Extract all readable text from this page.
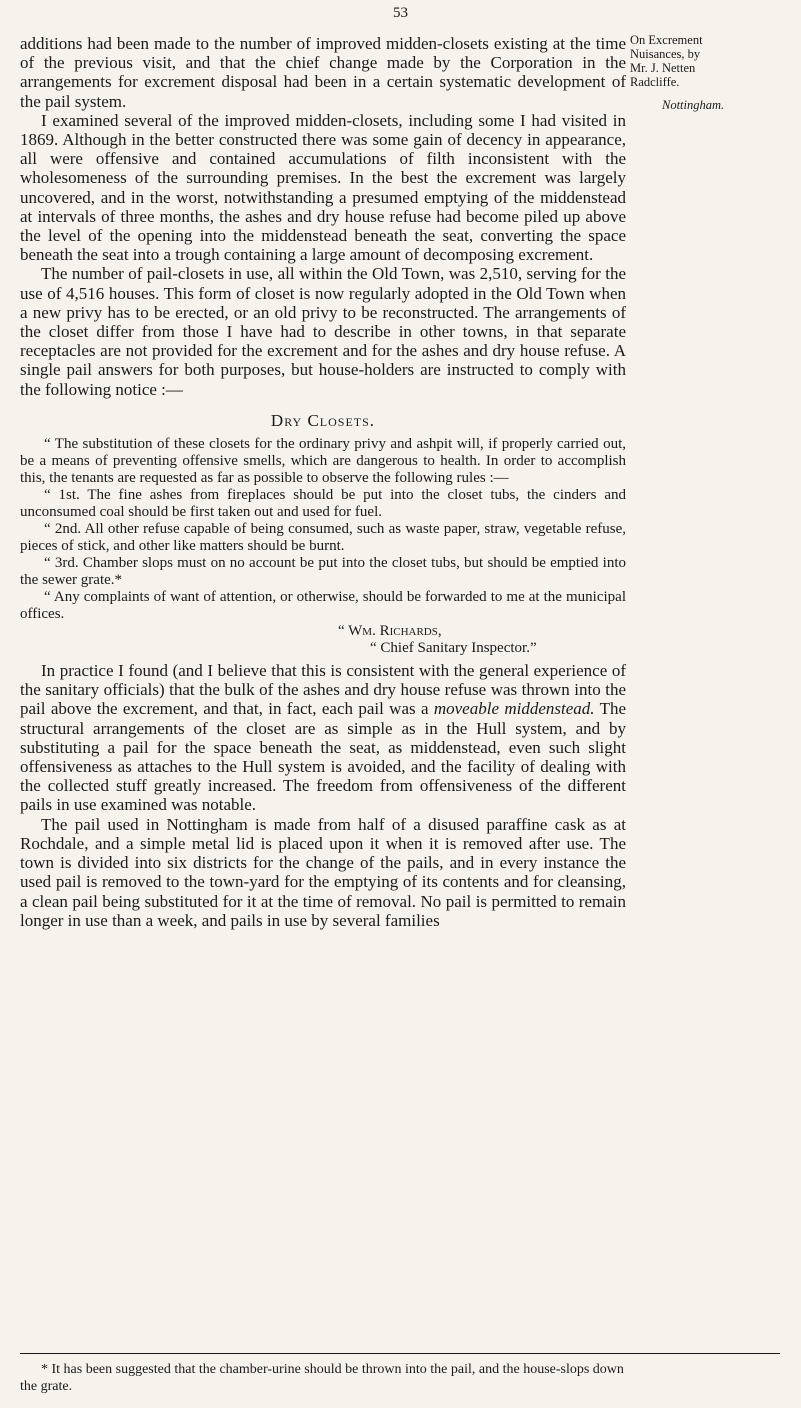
53
On Excrement
Nuisances, by
Mr. J. Netten
Radcliffe.
Nottingham.

additions had been made to the number of improved midden-closets existing at the time of the previous visit, and that the chief change made by the Corporation in the arrangements for excrement disposal had been in a certain systematic development of the pail system.

I examined several of the improved midden-closets, including some I had visited in 1869. Although in the better constructed there was some gain of decency in appearance, all were offensive and contained accumulations of filth inconsistent with the wholesomeness of the surrounding premises. In the best the excrement was largely uncovered, and in the worst, notwithstanding a presumed emptying of the middenstead at intervals of three months, the ashes and dry house refuse had become piled up above the level of the opening into the middenstead beneath the seat, converting the space beneath the seat into a trough containing a large amount of decomposing excrement.

The number of pail-closets in use, all within the Old Town, was 2,510, serving for the use of 4,516 houses. This form of closet is now regularly adopted in the Old Town when a new privy has to be erected, or an old privy to be reconstructed. The arrangements of the closet differ from those I have had to describe in other towns, in that separate receptacles are not provided for the excrement and for the ashes and dry house refuse. A single pail answers for both purposes, but house-holders are instructed to comply with the following notice :—

Dry Closets.

“ The substitution of these closets for the ordinary privy and ashpit will, if properly carried out, be a means of preventing offensive smells, which are dangerous to health. In order to accomplish this, the tenants are requested as far as possible to observe the following rules :—

“ 1st. The fine ashes from fireplaces should be put into the closet tubs, the cinders and unconsumed coal should be first taken out and used for fuel.

“ 2nd. All other refuse capable of being consumed, such as waste paper, straw, vegetable refuse, pieces of stick, and other like matters should be burnt.

“ 3rd. Chamber slops must on no account be put into the closet tubs, but should be emptied into the sewer grate.*

“ Any complaints of want of attention, or otherwise, should be forwarded to me at the municipal offices.

“ Wm. Richards,
“ Chief Sanitary Inspector.”

In practice I found (and I believe that this is consistent with the general experience of the sanitary officials) that the bulk of the ashes and dry house refuse was thrown into the pail above the excrement, and that, in fact, each pail was a moveable middenstead. The structural arrangements of the closet are as simple as in the Hull system, and by substituting a pail for the space beneath the seat, as middenstead, even such slight offensiveness as attaches to the Hull system is avoided, and the facility of dealing with the collected stuff greatly increased. The freedom from offensiveness of the different pails in use examined was notable.

The pail used in Nottingham is made from half of a disused paraffine cask as at Rochdale, and a simple metal lid is placed upon it when it is removed after use. The town is divided into six districts for the change of the pails, and in every instance the used pail is removed to the town-yard for the emptying of its contents and for cleansing, a clean pail being substituted for it at the time of removal. No pail is permitted to remain longer in use than a week, and pails in use by several families

* It has been suggested that the chamber-urine should be thrown into the pail, and the house-slops down the grate.
